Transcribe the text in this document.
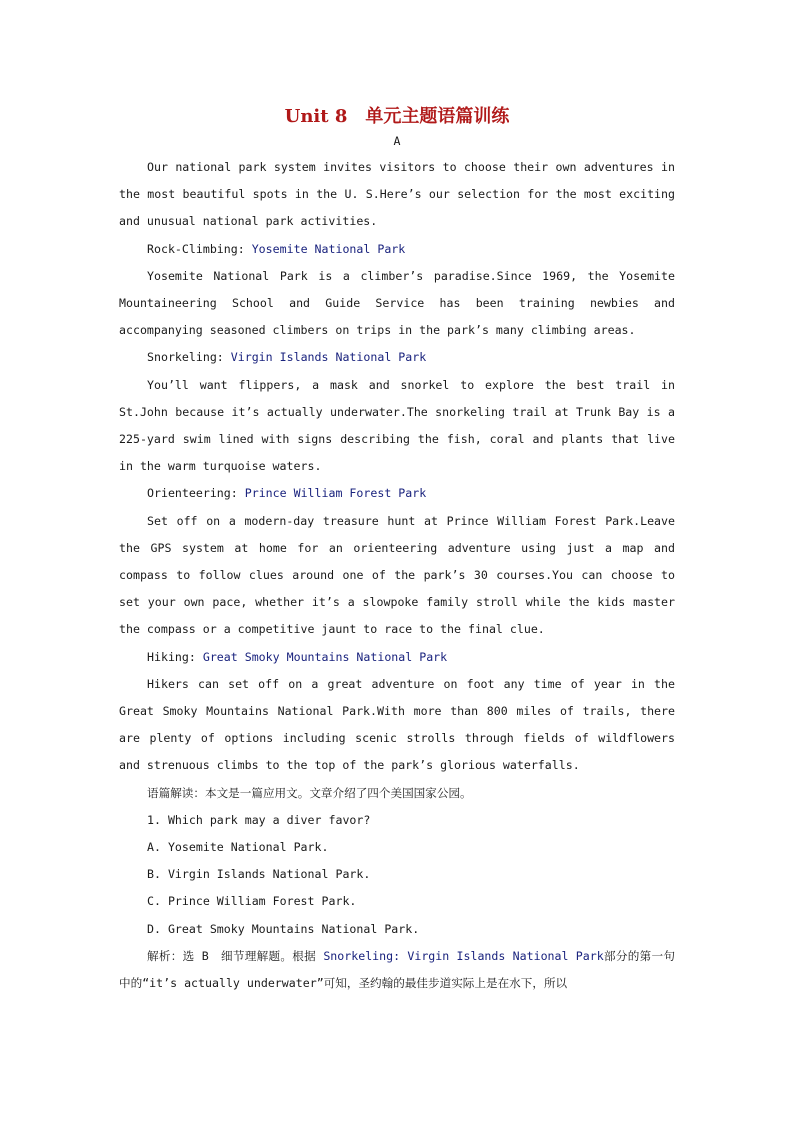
Unit 8　单元主题语篇训练

A

Our national park system invites visitors to choose their own adventures in the most beautiful spots in the U. S.Here’s our selection for the most exciting and unusual national park activities.

Rock-Climbing: Yosemite National Park

Yosemite National Park is a climber’s paradise.Since 1969, the Yosemite Mountaineering School and Guide Service has been training newbies and accompanying seasoned climbers on trips in the park’s many climbing areas.

Snorkeling: Virgin Islands National Park

You’ll want flippers, a mask and snorkel to explore the best trail in St.John because it’s actually underwater.The snorkeling trail at Trunk Bay is a 225-yard swim lined with signs describing the fish, coral and plants that live in the warm turquoise waters.

Orienteering: Prince William Forest Park

Set off on a modern-day treasure hunt at Prince William Forest Park.Leave the GPS system at home for an orienteering adventure using just a map and compass to follow clues around one of the park’s 30 courses.You can choose to set your own pace, whether it’s a slowpoke family stroll while the kids master the compass or a competitive jaunt to race to the final clue.

Hiking: Great Smoky Mountains National Park

Hikers can set off on a great adventure on foot any time of year in the Great Smoky Mountains National Park.With more than 800 miles of trails, there are plenty of options including scenic strolls through fields of wildflowers and strenuous climbs to the top of the park’s glorious waterfalls.

语篇解读：本文是一篇应用文。文章介绍了四个美国国家公园。

1. Which park may a diver favor?

A. Yosemite National Park.

B. Virgin Islands National Park.

C. Prince William Forest Park.

D. Great Smoky Mountains National Park.

解析：选 B　细节理解题。根据 Snorkeling: Virgin Islands National Park部分的第一句中的“it’s actually underwater”可知，圣约翰的最佳步道实际上是在水下，所以
